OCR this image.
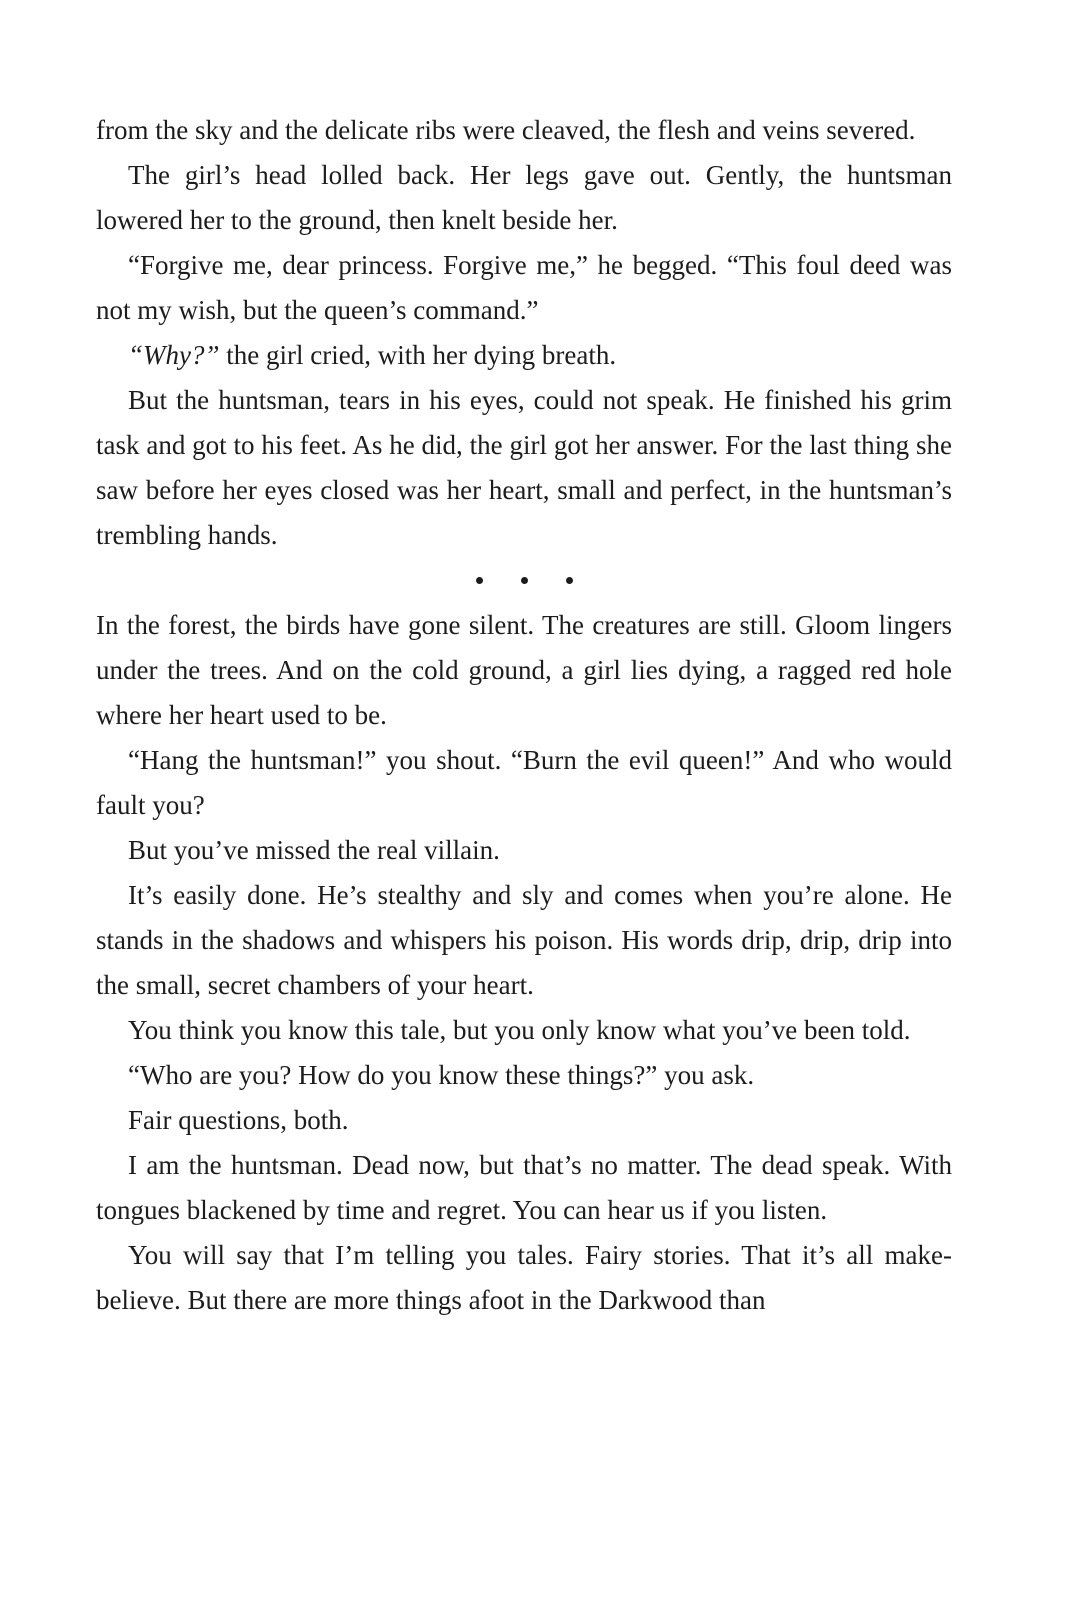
from the sky and the delicate ribs were cleaved, the flesh and veins severed.

The girl’s head lolled back. Her legs gave out. Gently, the huntsman lowered her to the ground, then knelt beside her.

“Forgive me, dear princess. Forgive me,” he begged. “This foul deed was not my wish, but the queen’s command.”

“Why?” the girl cried, with her dying breath.

But the huntsman, tears in his eyes, could not speak. He finished his grim task and got to his feet. As he did, the girl got her answer. For the last thing she saw before her eyes closed was her heart, small and perfect, in the huntsman’s trembling hands.

In the forest, the birds have gone silent. The creatures are still. Gloom lingers under the trees. And on the cold ground, a girl lies dying, a ragged red hole where her heart used to be.

“Hang the huntsman!” you shout. “Burn the evil queen!” And who would fault you?

But you’ve missed the real villain.

It’s easily done. He’s stealthy and sly and comes when you’re alone. He stands in the shadows and whispers his poison. His words drip, drip, drip into the small, secret chambers of your heart.

You think you know this tale, but you only know what you’ve been told.

“Who are you? How do you know these things?” you ask.

Fair questions, both.

I am the huntsman. Dead now, but that’s no matter. The dead speak. With tongues blackened by time and regret. You can hear us if you listen.

You will say that I’m telling you tales. Fairy stories. That it’s all make-believe. But there are more things afoot in the Darkwood than
